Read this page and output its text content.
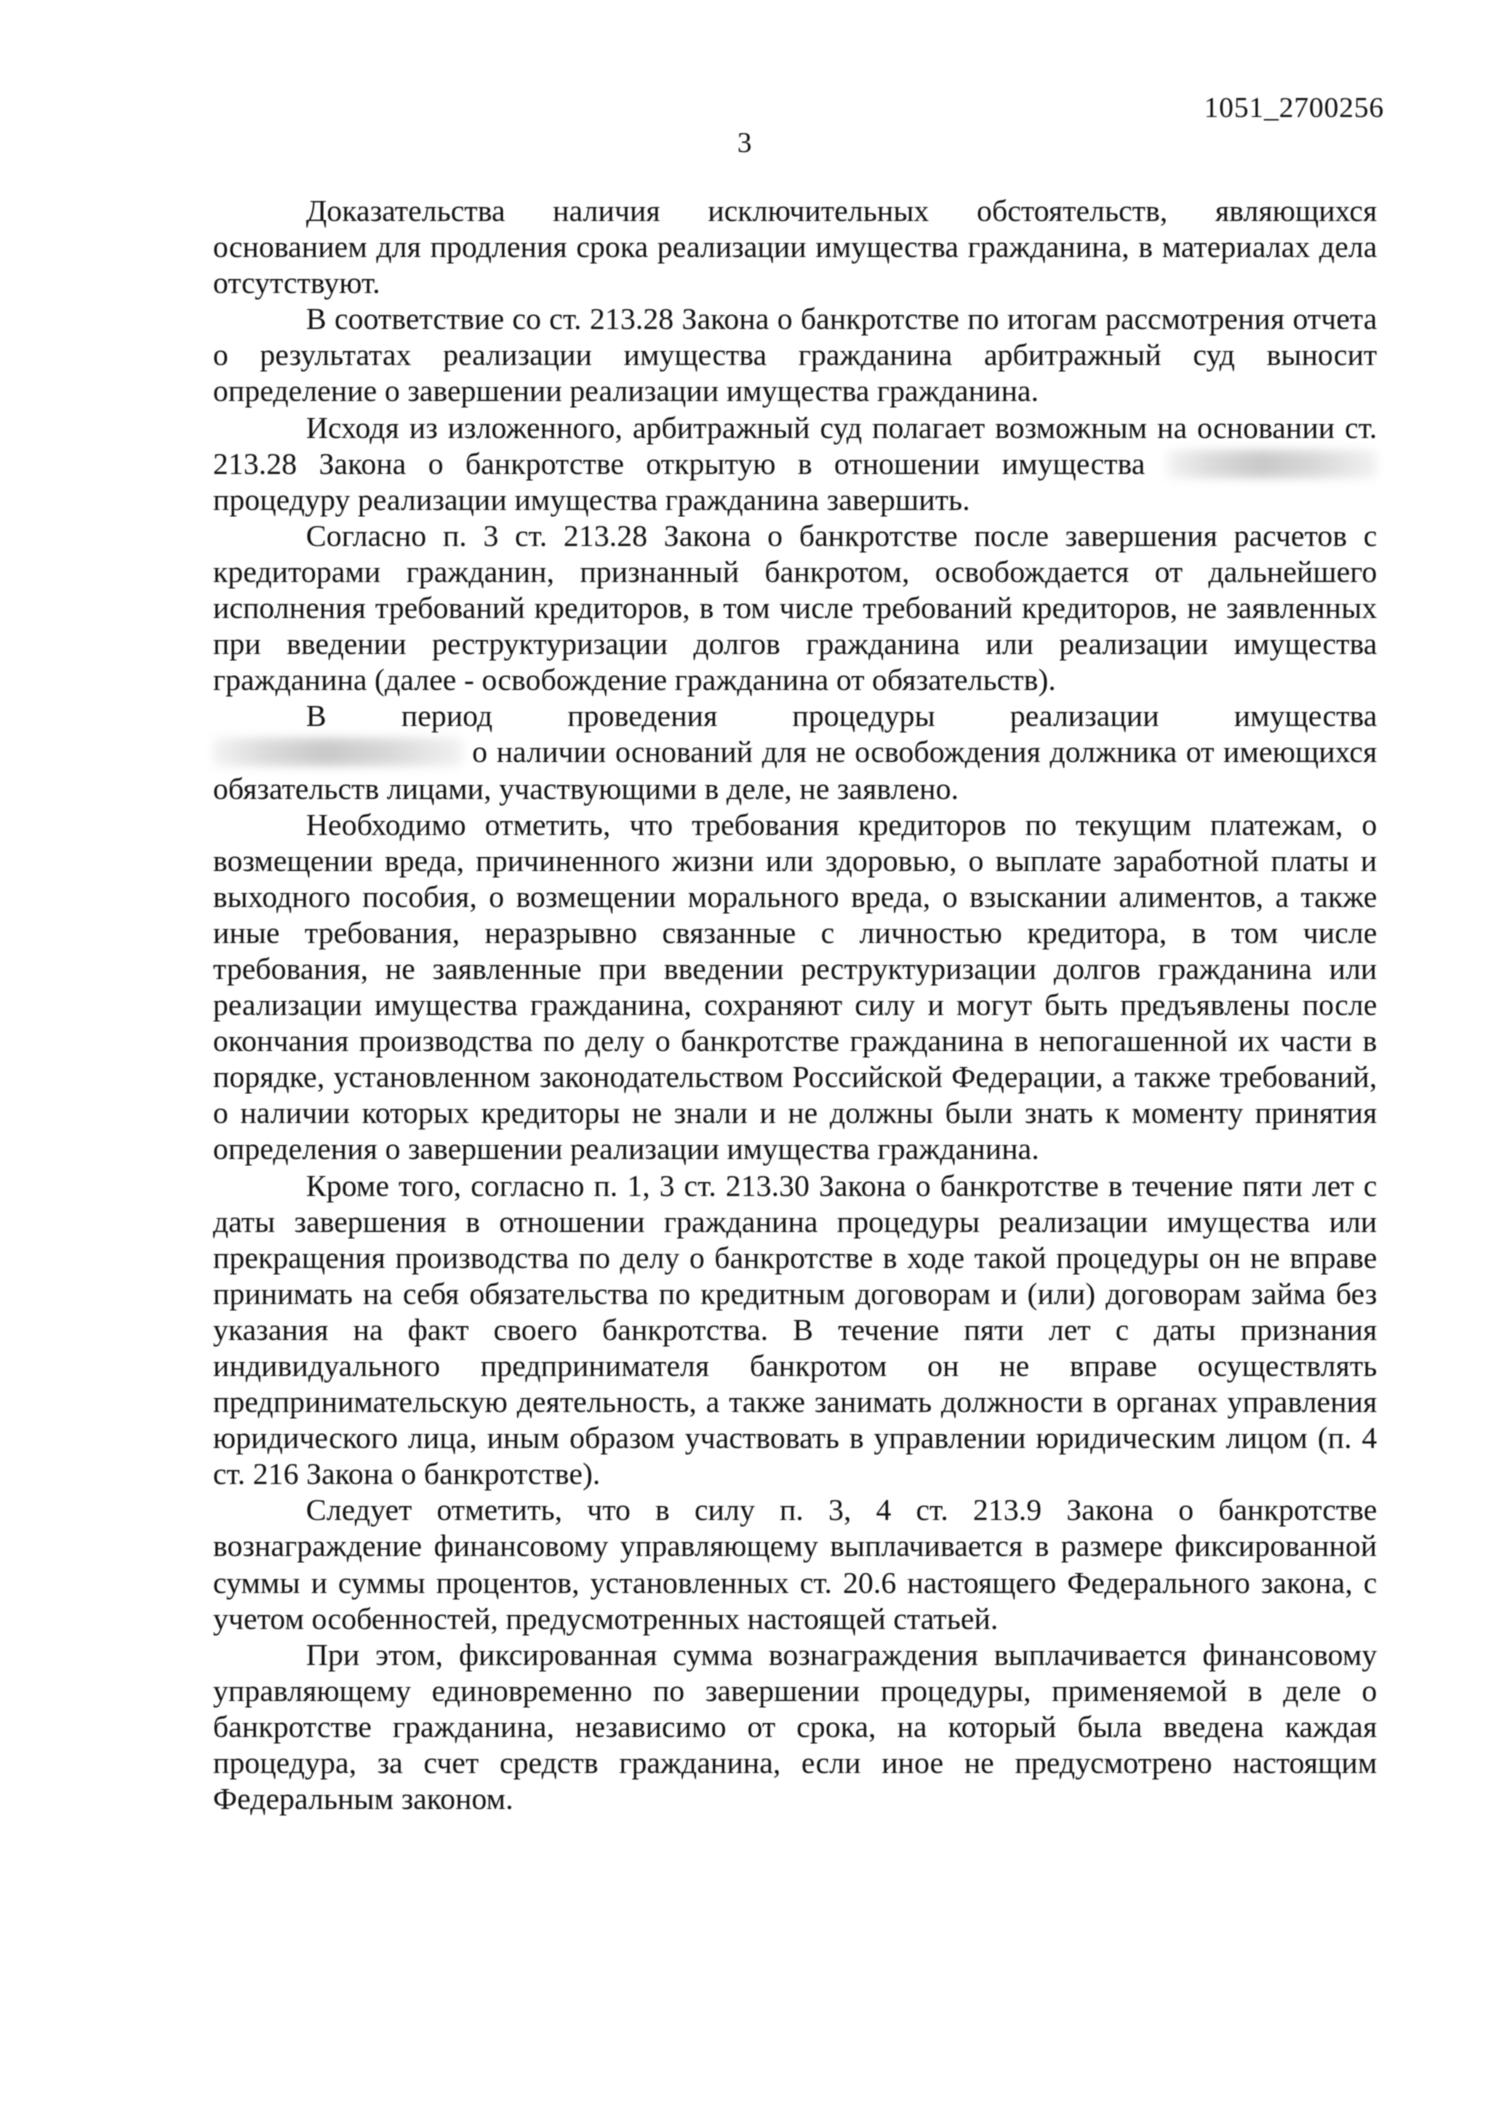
1051_2700256
3

Доказательства наличия исключительных обстоятельств, являющихся основанием для продления срока реализации имущества гражданина, в материалах дела отсутствуют.

В соответствие со ст. 213.28 Закона о банкротстве по итогам рассмотрения отчета о результатах реализации имущества гражданина арбитражный суд выносит определение о завершении реализации имущества гражданина.

Исходя из изложенного, арбитражный суд полагает возможным на основании ст. 213.28 Закона о банкротстве открытую в отношении имущества  процедуру реализации имущества гражданина завершить.

Согласно п. 3 ст. 213.28 Закона о банкротстве после завершения расчетов с кредиторами гражданин, признанный банкротом, освобождается от дальнейшего исполнения требований кредиторов, в том числе требований кредиторов, не заявленных при введении реструктуризации долгов гражданина или реализации имущества гражданина (далее - освобождение гражданина от обязательств).

В период проведения процедуры реализации имущества
о наличии оснований для не освобождения должника от имеющихся обязательств лицами, участвующими в деле, не заявлено.

Необходимо отметить, что требования кредиторов по текущим платежам, о возмещении вреда, причиненного жизни или здоровью, о выплате заработной платы и выходного пособия, о возмещении морального вреда, о взыскании алиментов, а также иные требования, неразрывно связанные с личностью кредитора, в том числе требования, не заявленные при введении реструктуризации долгов гражданина или реализации имущества гражданина, сохраняют силу и могут быть предъявлены после окончания производства по делу о банкротстве гражданина в непогашенной их части в порядке, установленном законодательством Российской Федерации, а также требований, о наличии которых кредиторы не знали и не должны были знать к моменту принятия определения о завершении реализации имущества гражданина.

Кроме того, согласно п. 1, 3 ст. 213.30 Закона о банкротстве в течение пяти лет с даты завершения в отношении гражданина процедуры реализации имущества или прекращения производства по делу о банкротстве в ходе такой процедуры он не вправе принимать на себя обязательства по кредитным договорам и (или) договорам займа без указания на факт своего банкротства. В течение пяти лет с даты признания индивидуального предпринимателя банкротом он не вправе осуществлять предпринимательскую деятельность, а также занимать должности в органах управления юридического лица, иным образом участвовать в управлении юридическим лицом (п. 4 ст. 216 Закона о банкротстве).

Следует отметить, что в силу п. 3, 4 ст. 213.9 Закона о банкротстве вознаграждение финансовому управляющему выплачивается в размере фиксированной суммы и суммы процентов, установленных ст. 20.6 настоящего Федерального закона, с учетом особенностей, предусмотренных настоящей статьей.

При этом, фиксированная сумма вознаграждения выплачивается финансовому управляющему единовременно по завершении процедуры, применяемой в деле о банкротстве гражданина, независимо от срока, на который была введена каждая процедура, за счет средств гражданина, если иное не предусмотрено настоящим Федеральным законом.
